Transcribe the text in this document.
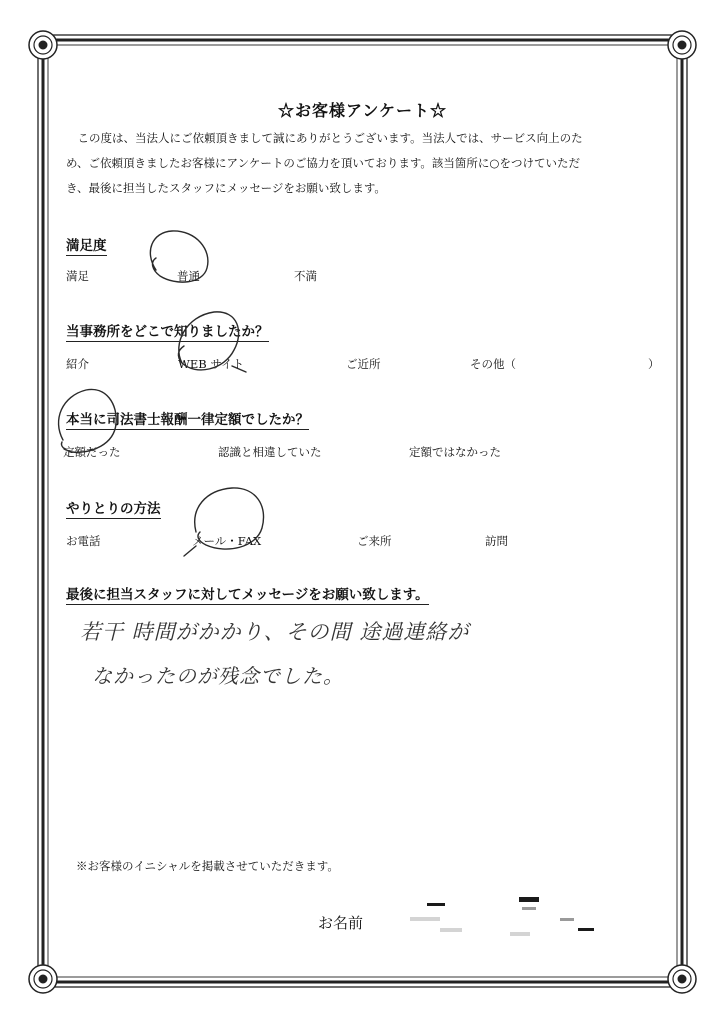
☆お客様アンケート☆

この度は、当法人にご依頼頂きまして誠にありがとうございます。当法人では、サービス向上のた

め、ご依頼頂きましたお客様にアンケートのご協力を頂いております。該当箇所に○をつけていただ
き、最後に担当したスタッフにメッセージをお願い致します。
満足度
満足	普通	不満
当事務所をどこで知りましたか？
紹介	WEB サイト	ご近所	その他（	）
本当に司法書士報酬一律定額でしたか？
定額だった	認識と相違していた	定額ではなかった
やりとりの方法
お電話	メール・FAX	ご来所	訪問
最後に担当スタッフに対してメッセージをお願い致します。
若干 時間がかかり、その間 途過連絡が
なかったのが残念でした。
※お客様のイニシャルを掲載させていただきます。
お名前
